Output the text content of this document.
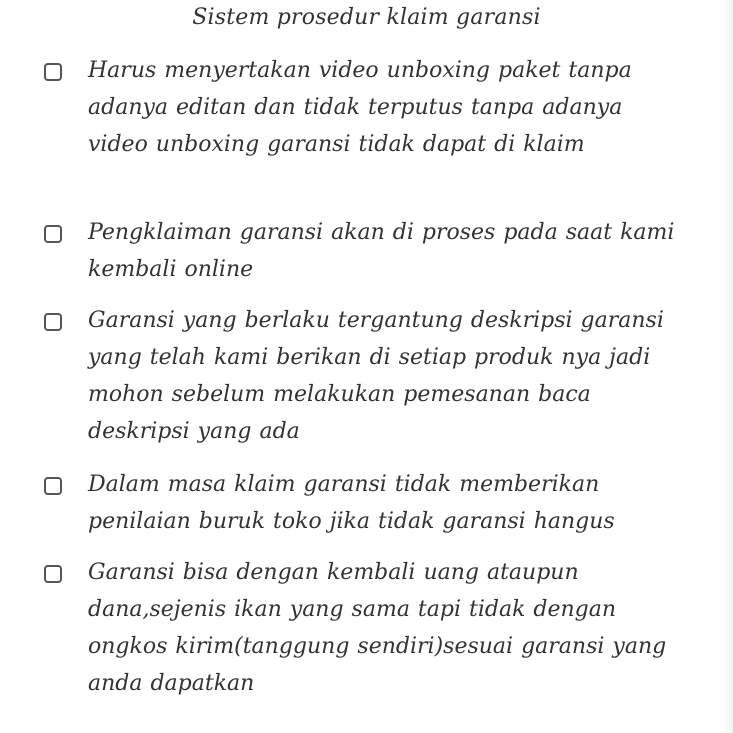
Sistem prosedur klaim garansi
Harus menyertakan video unboxing paket tanpa adanya editan dan tidak terputus tanpa adanya video unboxing garansi tidak dapat di klaim
Pengklaiman garansi akan di proses pada saat kami kembali online
Garansi yang berlaku tergantung deskripsi garansi yang telah kami berikan di setiap produk nya jadi mohon sebelum melakukan pemesanan baca deskripsi yang ada
Dalam masa klaim garansi tidak memberikan penilaian buruk toko jika tidak garansi hangus
Garansi bisa dengan kembali uang ataupun dana,sejenis ikan yang sama tapi tidak dengan ongkos kirim(tanggung sendiri)sesuai garansi yang anda dapatkan
